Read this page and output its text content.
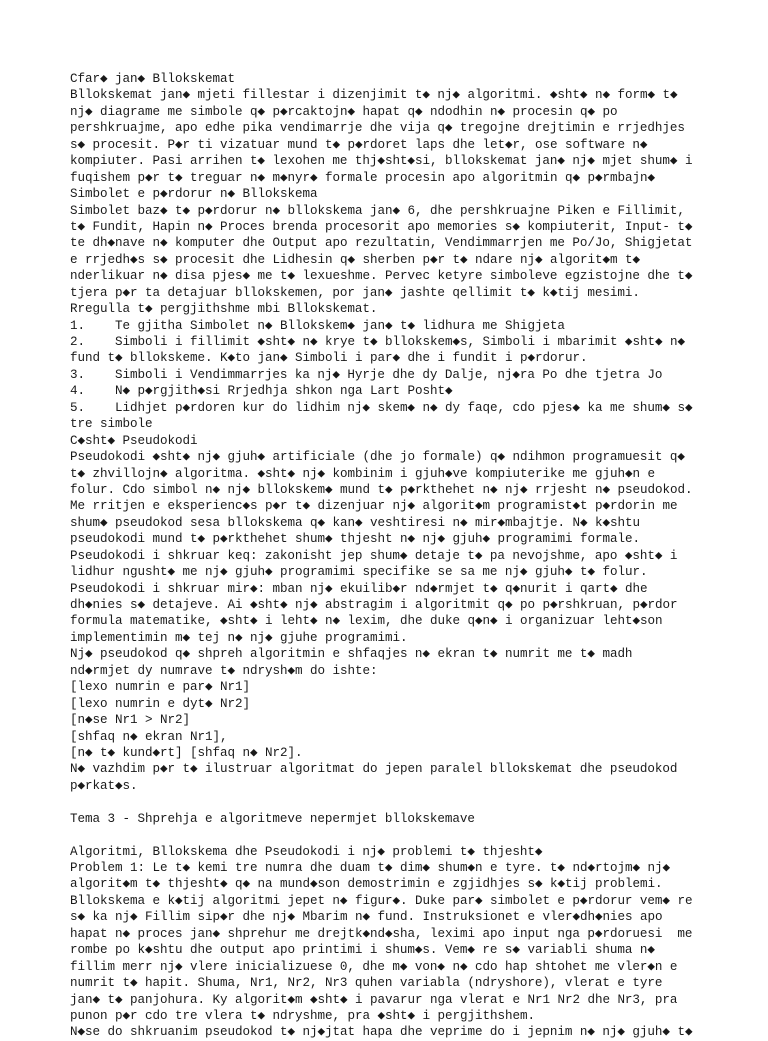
Cfar◆ jan◆ Bllokskemat
Bllokskemat jan◆ mjeti fillestar i dizenjimit t◆ nj◆ algoritmi. ◆sht◆ n◆ form◆ t◆
nj◆ diagrame me simbole q◆ p◆rcaktojn◆ hapat q◆ ndodhin n◆ procesin q◆ po
pershkruajme, apo edhe pika vendimarrje dhe vija q◆ tregojne drejtimin e rrjedhjes
s◆ procesit. P◆r ti vizatuar mund t◆ p◆rdoret laps dhe let◆r, ose software n◆
kompiuter. Pasi arrihen t◆ lexohen me thj◆sht◆si, bllokskemat jan◆ nj◆ mjet shum◆ i
fuqishem p◆r t◆ treguar n◆ m◆nyr◆ formale procesin apo algoritmin q◆ p◆rmbajn◆
Simbolet e p◆rdorur n◆ Bllokskema
Simbolet baz◆ t◆ p◆rdorur n◆ bllokskema jan◆ 6, dhe pershkruajne Piken e Fillimit,
t◆ Fundit, Hapin n◆ Proces brenda procesorit apo memories s◆ kompiuterit, Input- t◆
te dh◆nave n◆ komputer dhe Output apo rezultatin, Vendimmarrjen me Po/Jo, Shigjetat
e rrjedh◆s s◆ procesit dhe Lidhesin q◆ sherben p◆r t◆ ndare nj◆ algorit◆m t◆
nderlikuar n◆ disa pjes◆ me t◆ lexueshme. Pervec ketyre simboleve egzistojne dhe t◆
tjera p◆r ta detajuar bllokskemen, por jan◆ jashte qellimit t◆ k◆tij mesimi.
Rregulla t◆ pergjithshme mbi Bllokskemat.
1.    Te gjitha Simbolet n◆ Bllokskem◆ jan◆ t◆ lidhura me Shigjeta
2.    Simboli i fillimit ◆sht◆ n◆ krye t◆ bllokskem◆s, Simboli i mbarimit ◆sht◆ n◆
fund t◆ bllokskeme. K◆to jan◆ Simboli i par◆ dhe i fundit i p◆rdorur.
3.    Simboli i Vendimmarrjes ka nj◆ Hyrje dhe dy Dalje, nj◆ra Po dhe tjetra Jo
4.    N◆ p◆rgjith◆si Rrjedhja shkon nga Lart Posht◆
5.    Lidhjet p◆rdoren kur do lidhim nj◆ skem◆ n◆ dy faqe, cdo pjes◆ ka me shum◆ s◆
tre simbole
C◆sht◆ Pseudokodi
Pseudokodi ◆sht◆ nj◆ gjuh◆ artificiale (dhe jo formale) q◆ ndihmon programuesit q◆
t◆ zhvillojn◆ algoritma. ◆sht◆ nj◆ kombinim i gjuh◆ve kompiuterike me gjuh◆n e
folur. Cdo simbol n◆ nj◆ bllokskem◆ mund t◆ p◆rkthehet n◆ nj◆ rrjesht n◆ pseudokod.
Me rritjen e eksperienc◆s p◆r t◆ dizenjuar nj◆ algorit◆m programist◆t p◆rdorin me
shum◆ pseudokod sesa bllokskema q◆ kan◆ veshtiresi n◆ mir◆mbajtje. N◆ k◆shtu
pseudokodi mund t◆ p◆rkthehet shum◆ thjesht n◆ nj◆ gjuh◆ programimi formale.
Pseudokodi i shkruar keq: zakonisht jep shum◆ detaje t◆ pa nevojshme, apo ◆sht◆ i
lidhur ngusht◆ me nj◆ gjuh◆ programimi specifike se sa me nj◆ gjuh◆ t◆ folur.
Pseudokodi i shkruar mir◆: mban nj◆ ekuilib◆r nd◆rmjet t◆ q◆nurit i qart◆ dhe
dh◆nies s◆ detajeve. Ai ◆sht◆ nj◆ abstragim i algoritmit q◆ po p◆rshkruan, p◆rdor
formula matematike, ◆sht◆ i leht◆ n◆ lexim, dhe duke q◆n◆ i organizuar leht◆son
implementimin m◆ tej n◆ nj◆ gjuhe programimi.
Nj◆ pseudokod q◆ shpreh algoritmin e shfaqjes n◆ ekran t◆ numrit me t◆ madh
nd◆rmjet dy numrave t◆ ndrysh◆m do ishte:
[lexo numrin e par◆ Nr1]
[lexo numrin e dyt◆ Nr2]
[n◆se Nr1 > Nr2]
[shfaq n◆ ekran Nr1],
[n◆ t◆ kund◆rt] [shfaq n◆ Nr2].
N◆ vazhdim p◆r t◆ ilustruar algoritmat do jepen paralel bllokskemat dhe pseudokod
p◆rkat◆s.
Tema 3 - Shprehja e algoritmeve nepermjet bllokskemave
Algoritmi, Bllokskema dhe Pseudokodi i nj◆ problemi t◆ thjesht◆
Problem 1: Le t◆ kemi tre numra dhe duam t◆ dim◆ shum◆n e tyre. t◆ nd◆rtojm◆ nj◆
algorit◆m t◆ thjesht◆ q◆ na mund◆son demostrimin e zgjidhjes s◆ k◆tij problemi.
Bllokskema e k◆tij algoritmi jepet n◆ figur◆. Duke par◆ simbolet e p◆rdorur vem◆ re
s◆ ka nj◆ Fillim sip◆r dhe nj◆ Mbarim n◆ fund. Instruksionet e vler◆dh◆nies apo
hapat n◆ proces jan◆ shprehur me drejtk◆nd◆sha, leximi apo input nga p◆rdoruesi  me
rombe po k◆shtu dhe output apo printimi i shum◆s. Vem◆ re s◆ variabli shuma n◆
fillim merr nj◆ vlere inicializuese 0, dhe m◆ von◆ n◆ cdo hap shtohet me vler◆n e
numrit t◆ hapit. Shuma, Nr1, Nr2, Nr3 quhen variabla (ndryshore), vlerat e tyre
jan◆ t◆ panjohura. Ky algorit◆m ◆sht◆ i pavarur nga vlerat e Nr1 Nr2 dhe Nr3, pra
punon p◆r cdo tre vlera t◆ ndryshme, pra ◆sht◆ i pergjithshem.
N◆se do shkruanim pseudokod t◆ nj◆jtat hapa dhe veprime do i jepnim n◆ nj◆ gjuh◆ t◆
